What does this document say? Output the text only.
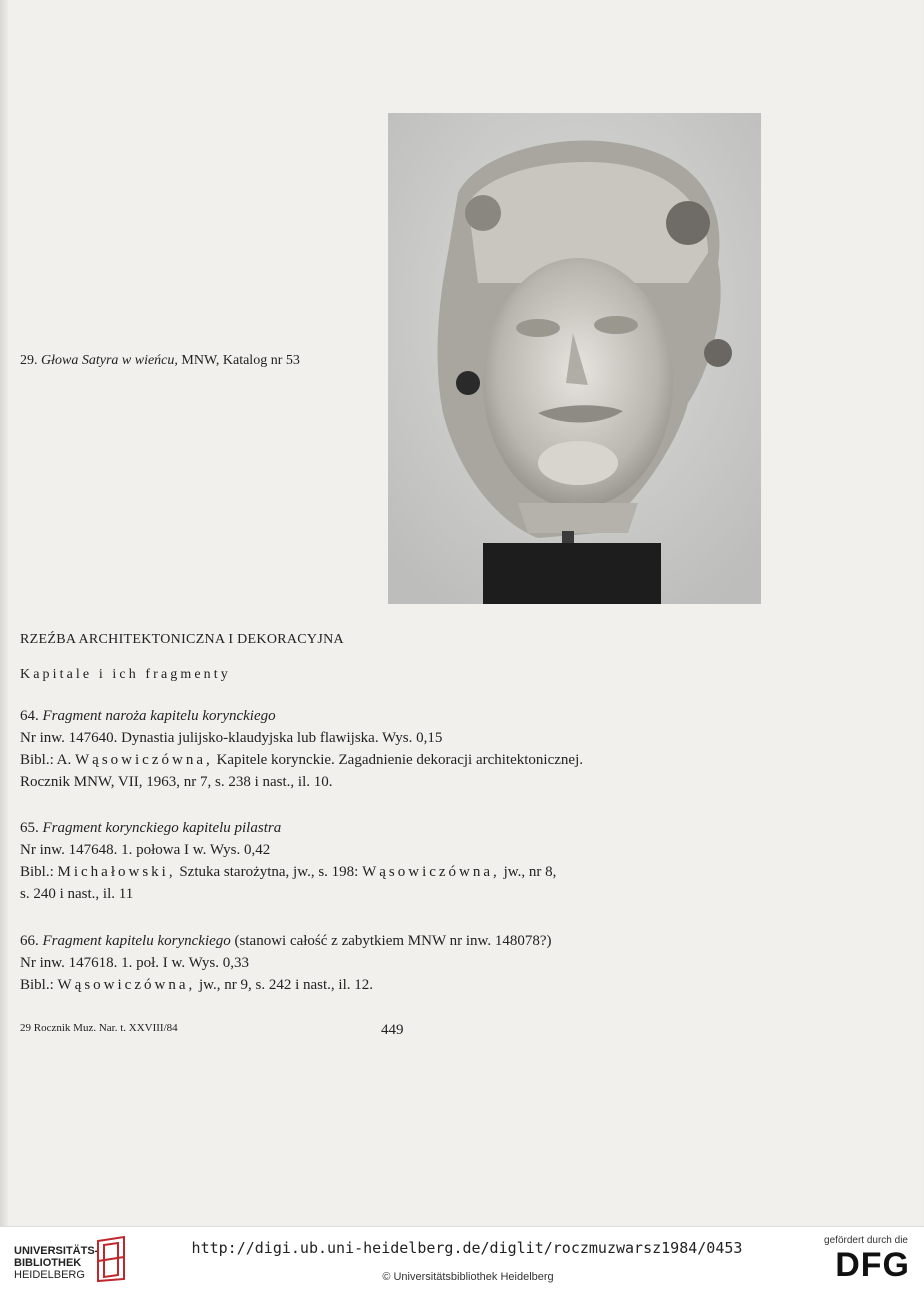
29. Głowa Satyra w wieńcu, MNW, Katalog nr 53
RZEŹBA ARCHITEKTONICZNA I DEKORACYJNA
Kapitale i ich fragmenty
64. Fragment naroża kapitelu korynckiego
Nr inw. 147640. Dynastia julijsko-klaudyjska lub flawijska. Wys. 0,15
Bibl.: A. Wąsowiczówna, Kapitele korynckie. Zagadnienie dekoracji architektonicznej.
Rocznik MNW, VII, 1963, nr 7, s. 238 i nast., il. 10.
65. Fragment korynckiego kapitelu pilastra
Nr inw. 147648. 1. połowa I w. Wys. 0,42
Bibl.: Michałowski, Sztuka starożytna, jw., s. 198: Wąsowiczówna, jw., nr 8,
s. 240 i nast., il. 11
66. Fragment kapitelu korynckiego (stanowi całość z zabytkiem MNW nr inw. 148078?)
Nr inw. 147618. 1. poł. I w. Wys. 0,33
Bibl.: Wąsowiczówna, jw., nr 9, s. 242 i nast., il. 12.
29 Rocznik Muz. Nar. t. XXVIII/84	449
UNIVERSITÄTS-
BIBLIOTHEK
HEIDELBERG
http://digi.ub.uni-heidelberg.de/diglit/roczmuzwarsz1984/0453
© Universitätsbibliothek Heidelberg
gefördert durch die
DFG
